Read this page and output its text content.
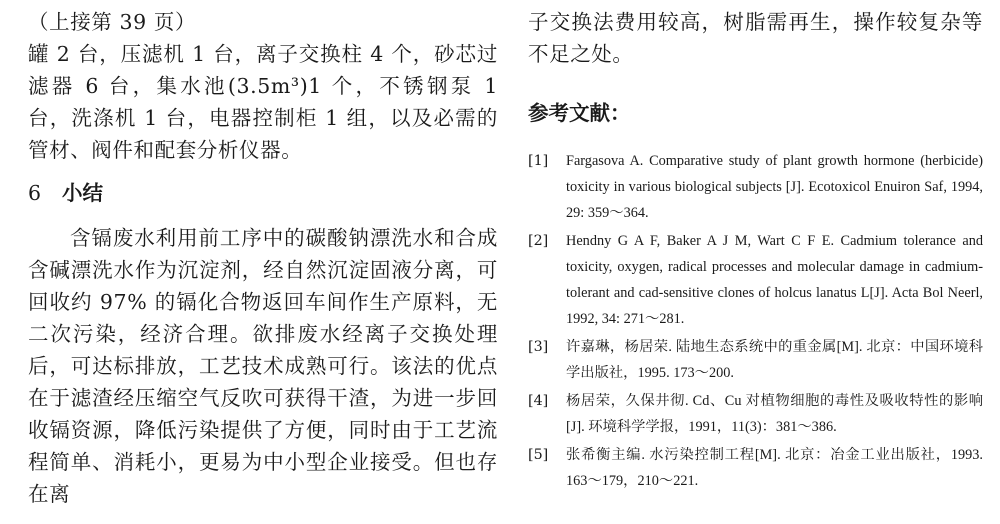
（上接第 39 页）
罐 2 台，压滤机 1 台，离子交换柱 4 个，砂芯过滤器 6 台，集水池(3.5m³)1 个，不锈钢泵 1 台，洗涤机 1 台，电器控制柜 1 组，以及必需的管材、阀件和配套分析仪器。

6 小结

含镉废水利用前工序中的碳酸钠漂洗水和合成含碱漂洗水作为沉淀剂，经自然沉淀固液分离，可回收约 97% 的镉化合物返回车间作生产原料，无二次污染，经济合理。欲排废水经离子交换处理后，可达标排放，工艺技术成熟可行。该法的优点在于滤渣经压缩空气反吹可获得干渣，为进一步回收镉资源，降低污染提供了方便，同时由于工艺流程简单、消耗小，更易为中小型企业接受。但也存在离

子交换法费用较高，树脂需再生，操作较复杂等不足之处。

参考文献：
[1]	Fargasova A. Comparative study of plant growth hormone (herbicide) toxicity in various biological subjects [J]. Ecotoxicol Enuiron Saf, 1994, 29: 359～364.
[2]	Hendny G A F, Baker A J M, Wart C F E. Cadmium tolerance and toxicity, oxygen, radical processes and molecular damage in cadmium-tolerant and cad-sensitive clones of holcus lanatus L[J]. Acta Bol Neerl, 1992, 34: 271～281.
[3]	许嘉琳，杨居荣. 陆地生态系统中的重金属[M]. 北京：中国环境科学出版社，1995. 173～200.
[4]	杨居荣，久保井彻. Cd、Cu 对植物细胞的毒性及吸收特性的影响[J]. 环境科学学报，1991，11(3)：381～386.
[5]	张希衡主编. 水污染控制工程[M]. 北京：冶金工业出版社，1993. 163～179，210～221.
